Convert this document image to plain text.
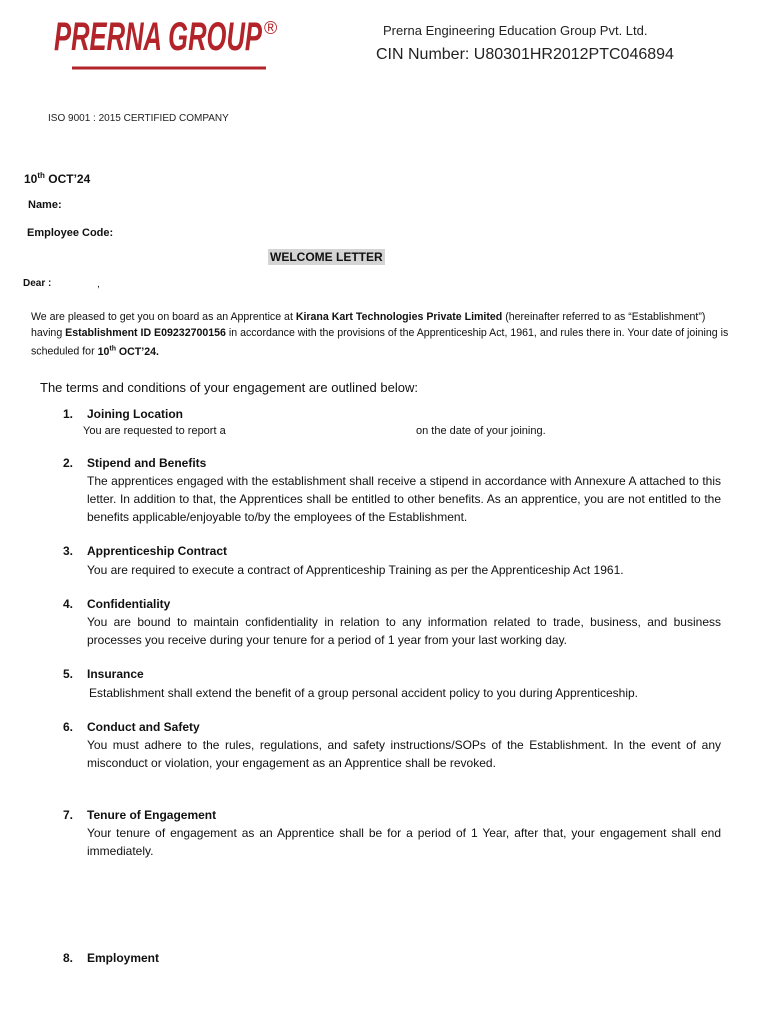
PRERNA GROUP ®	Prerna Engineering Education Group Pvt. Ltd.
CIN Number: U80301HR2012PTC046894
ISO 9001 : 2015 CERTIFIED COMPANY
10th OCT’24
Name:
Employee Code:
WELCOME LETTER
Dear :	,
We are pleased to get you on board as an Apprentice at Kirana Kart Technologies Private Limited (hereinafter referred to as “Establishment”) having Establishment ID E09232700156 in accordance with the provisions of the Apprenticeship Act, 1961, and rules there in. Your date of joining is scheduled for 10th OCT’24.
The terms and conditions of your engagement are outlined below:
1. Joining Location
You are requested to report a	on the date of your joining.
2. Stipend and Benefits
The apprentices engaged with the establishment shall receive a stipend in accordance with Annexure A attached to this letter. In addition to that, the Apprentices shall be entitled to other benefits. As an apprentice, you are not entitled to the benefits applicable/enjoyable to/by the employees of the Establishment.
3. Apprenticeship Contract
You are required to execute a contract of Apprenticeship Training as per the Apprenticeship Act 1961.
4. Confidentiality
You are bound to maintain confidentiality in relation to any information related to trade, business, and business processes you receive during your tenure for a period of 1 year from your last working day.
5. Insurance
Establishment shall extend the benefit of a group personal accident policy to you during Apprenticeship.
6. Conduct and Safety
You must adhere to the rules, regulations, and safety instructions/SOPs of the Establishment. In the event of any misconduct or violation, your engagement as an Apprentice shall be revoked.
7. Tenure of Engagement
Your tenure of engagement as an Apprentice shall be for a period of 1 Year, after that, your engagement shall end immediately.
8. Employment
